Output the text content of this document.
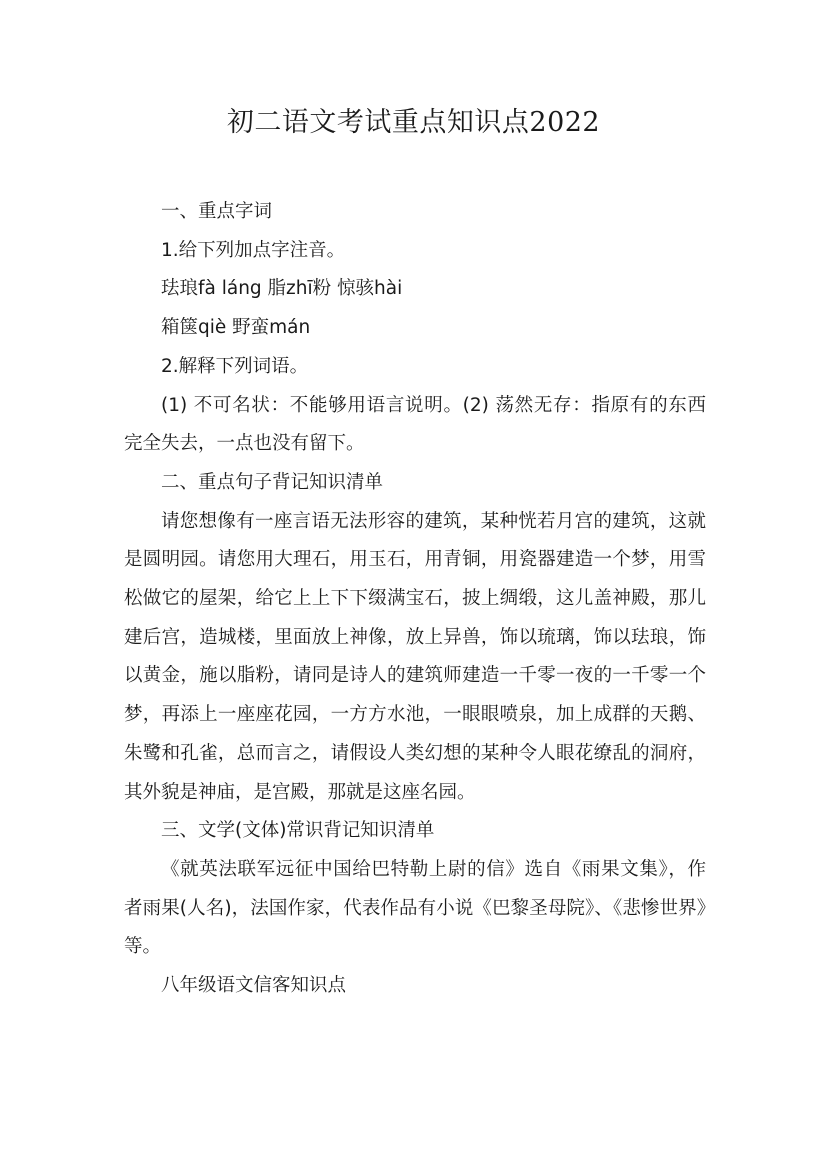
初二语文考试重点知识点2022

一、重点字词

1.给下列加点字注音。

珐琅fà láng 脂zhī粉 惊骇hài

箱箧qiè 野蛮mán

2.解释下列词语。

(1) 不可名状：不能够用语言说明。(2) 荡然无存：指原有的东西完全失去，一点也没有留下。

二、重点句子背记知识清单

请您想像有一座言语无法形容的建筑，某种恍若月宫的建筑，这就是圆明园。请您用大理石，用玉石，用青铜，用瓷器建造一个梦，用雪松做它的屋架，给它上上下下缀满宝石，披上绸缎，这儿盖神殿，那儿建后宫，造城楼，里面放上神像，放上异兽，饰以琉璃，饰以珐琅，饰以黄金，施以脂粉，请同是诗人的建筑师建造一千零一夜的一千零一个梦，再添上一座座花园，一方方水池，一眼眼喷泉，加上成群的天鹅、朱鹭和孔雀，总而言之，请假设人类幻想的某种令人眼花缭乱的洞府，其外貌是神庙，是宫殿，那就是这座名园。

三、文学(文体)常识背记知识清单

《就英法联军远征中国给巴特勒上尉的信》选自《雨果文集》，作者雨果(人名)，法国作家，代表作品有小说《巴黎圣母院》、《悲惨世界》等。

八年级语文信客知识点
